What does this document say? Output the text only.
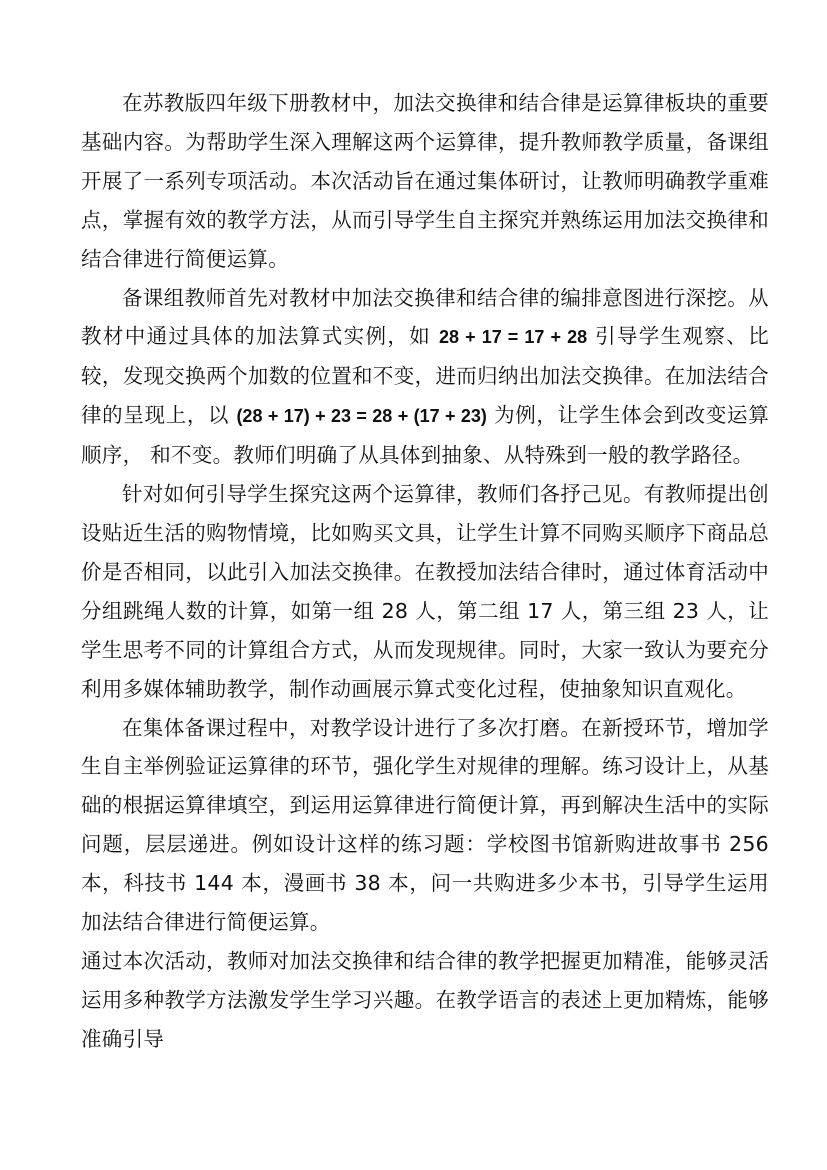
在苏教版四年级下册教材中，加法交换律和结合律是运算律板块的重要基础内容。为帮助学生深入理解这两个运算律，提升教师教学质量，备课组开展了一系列专项活动。本次活动旨在通过集体研讨，让教师明确教学重难点，掌握有效的教学方法，从而引导学生自主探究并熟练运用加法交换律和结合律进行简便运算。

备课组教师首先对教材中加法交换律和结合律的编排意图进行深挖。从教材中通过具体的加法算式实例，如 28 + 17 = 17 + 28 引导学生观察、比较，发现交换两个加数的位置和不变，进而归纳出加法交换律。在加法结合律的呈现上，以 (28 + 17) + 23 = 28 + (17 + 23) 为例，让学生体会到改变运算顺序， 和不变。教师们明确了从具体到抽象、从特殊到一般的教学路径。

针对如何引导学生探究这两个运算律，教师们各抒己见。有教师提出创设贴近生活的购物情境，比如购买文具，让学生计算不同购买顺序下商品总价是否相同，以此引入加法交换律。在教授加法结合律时，通过体育活动中分组跳绳人数的计算，如第一组 28 人，第二组 17 人，第三组 23 人，让学生思考不同的计算组合方式，从而发现规律。同时，大家一致认为要充分利用多媒体辅助教学，制作动画展示算式变化过程，使抽象知识直观化。

在集体备课过程中，对教学设计进行了多次打磨。在新授环节，增加学生自主举例验证运算律的环节，强化学生对规律的理解。练习设计上，从基础的根据运算律填空，到运用运算律进行简便计算，再到解决生活中的实际问题，层层递进。例如设计这样的练习题：学校图书馆新购进故事书 256 本，科技书 144 本，漫画书 38 本，问一共购进多少本书，引导学生运用加法结合律进行简便运算。

通过本次活动，教师对加法交换律和结合律的教学把握更加精准，能够灵活运用多种教学方法激发学生学习兴趣。在教学语言的表述上更加精炼，能够准确引导
